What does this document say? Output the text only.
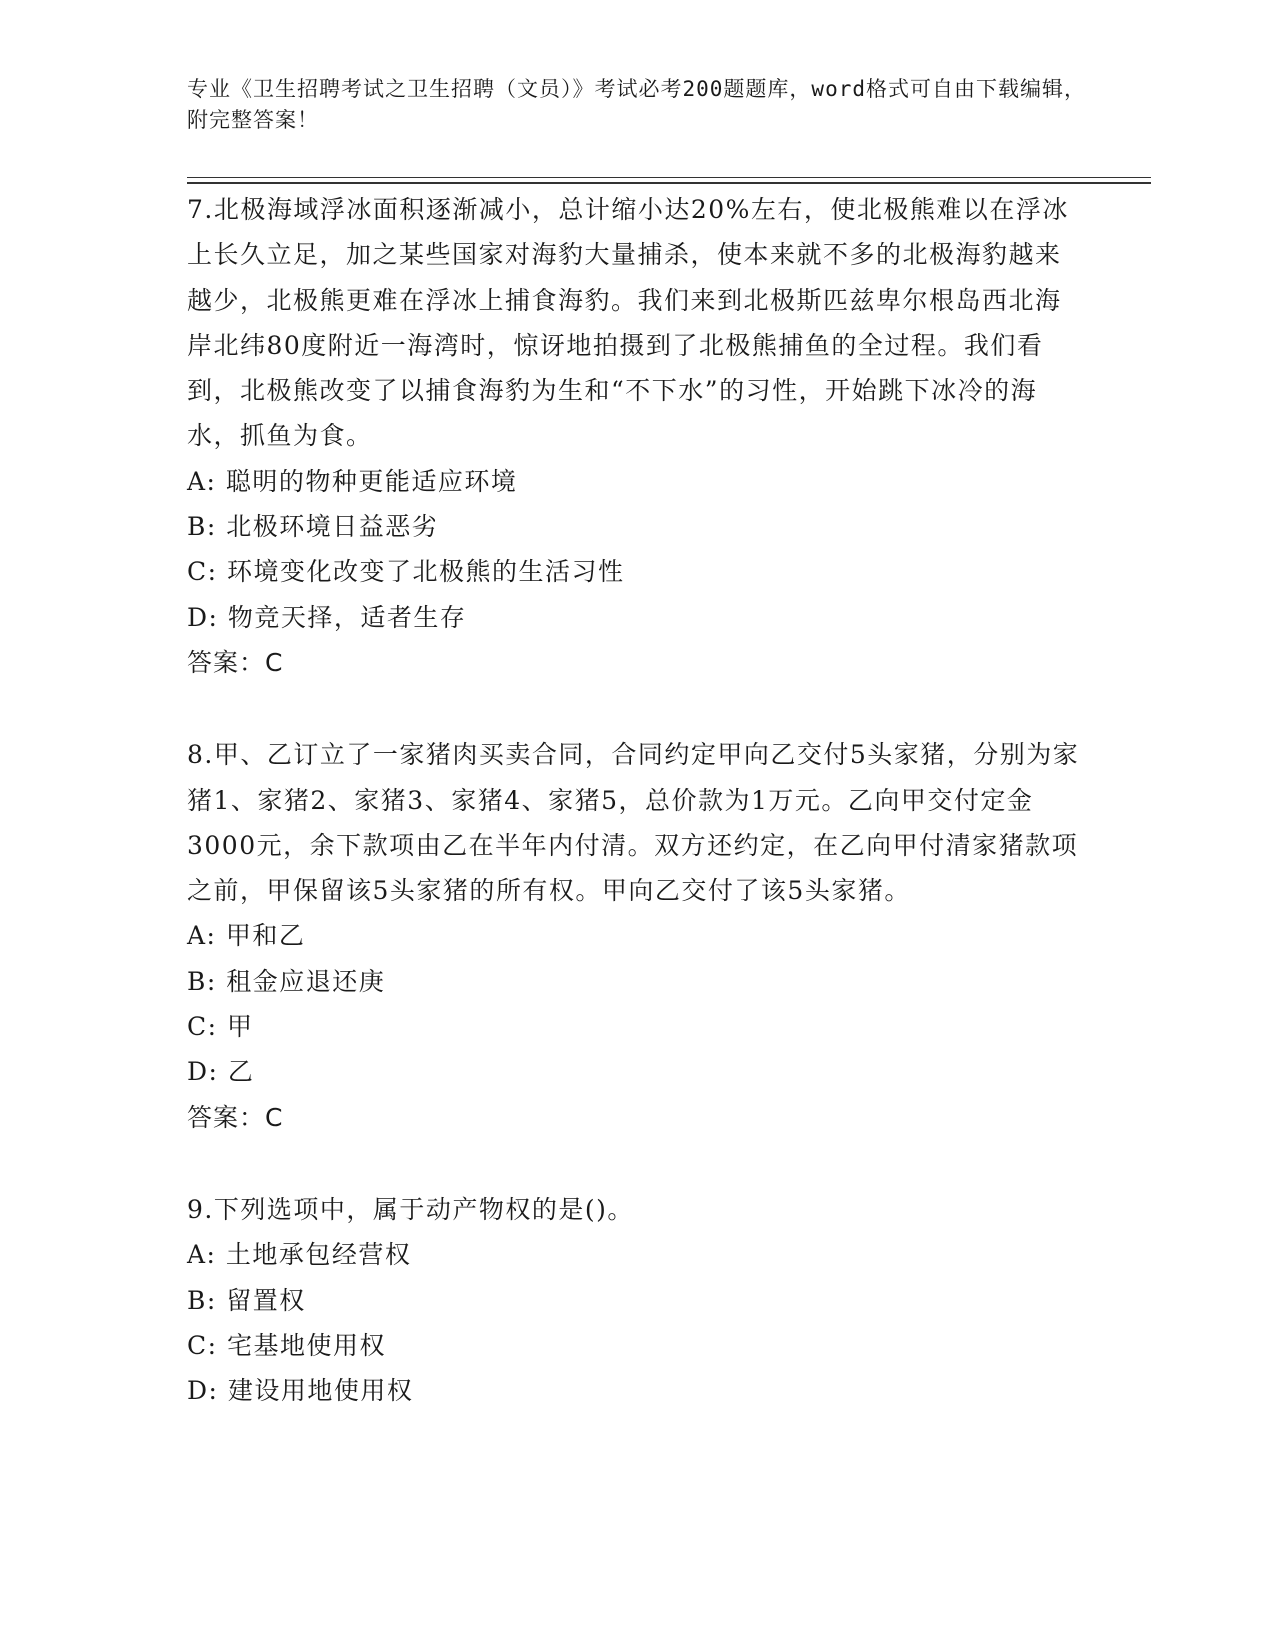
专业《卫生招聘考试之卫生招聘（文员）》考试必考200题题库，word格式可自由下载编辑，附完整答案！

7.北极海域浮冰面积逐渐减小，总计缩小达20%左右，使北极熊难以在浮冰上长久立足，加之某些国家对海豹大量捕杀，使本来就不多的北极海豹越来越少，北极熊更难在浮冰上捕食海豹。我们来到北极斯匹兹卑尔根岛西北海岸北纬80度附近一海湾时，惊讶地拍摄到了北极熊捕鱼的全过程。我们看到，北极熊改变了以捕食海豹为生和“不下水”的习性，开始跳下冰冷的海水，抓鱼为食。

A: 聪明的物种更能适应环境
B: 北极环境日益恶劣
C: 环境变化改变了北极熊的生活习性
D: 物竞天择，适者生存
答案：C

8.甲、乙订立了一家猪肉买卖合同，合同约定甲向乙交付5头家猪，分别为家猪1、家猪2、家猪3、家猪4、家猪5，总价款为1万元。乙向甲交付定金3000元，余下款项由乙在半年内付清。双方还约定，在乙向甲付清家猪款项之前，甲保留该5头家猪的所有权。甲向乙交付了该5头家猪。

A: 甲和乙
B: 租金应退还庚
C: 甲
D: 乙
答案：C

9.下列选项中，属于动产物权的是()。

A: 土地承包经营权
B: 留置权
C: 宅基地使用权
D: 建设用地使用权
